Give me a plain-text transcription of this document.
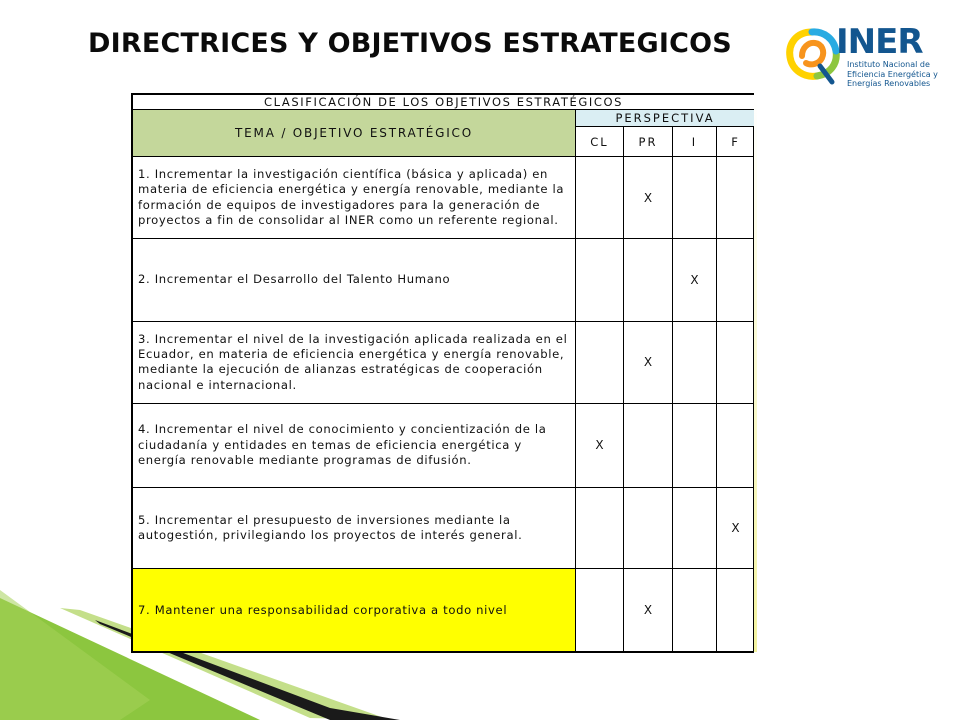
DIRECTRICES Y OBJETIVOS ESTRATEGICOS	INER
Instituto Nacional de
Eficiencia Energética y
Energías Renovables
CLASIFICACIÓN DE LOS OBJETIVOS ESTRATÉGICOS				
TEMA / OBJETIVO ESTRATÉGICO	PERSPECTIVA			
	CL	PR	I	F
1. Incrementar la investigación científica (básica y aplicada) en materia de eficiencia energética y energía renovable, mediante la formación de equipos de investigadores para la generación de proyectos a fin de consolidar al INER como un referente regional.		X		
2. Incrementar el Desarrollo del Talento Humano			X	
3. Incrementar el nivel de la investigación aplicada realizada en el Ecuador, en materia de eficiencia energética y energía renovable, mediante la ejecución de alianzas estratégicas de cooperación nacional e internacional.		X		
4. Incrementar el nivel de conocimiento y concientización de la ciudadanía y entidades en temas de eficiencia energética y energía renovable mediante programas de difusión.	X			
5. Incrementar el presupuesto de inversiones mediante la autogestión, privilegiando los proyectos de interés general.				X
7. Mantener una responsabilidad corporativa a todo nivel		X		
